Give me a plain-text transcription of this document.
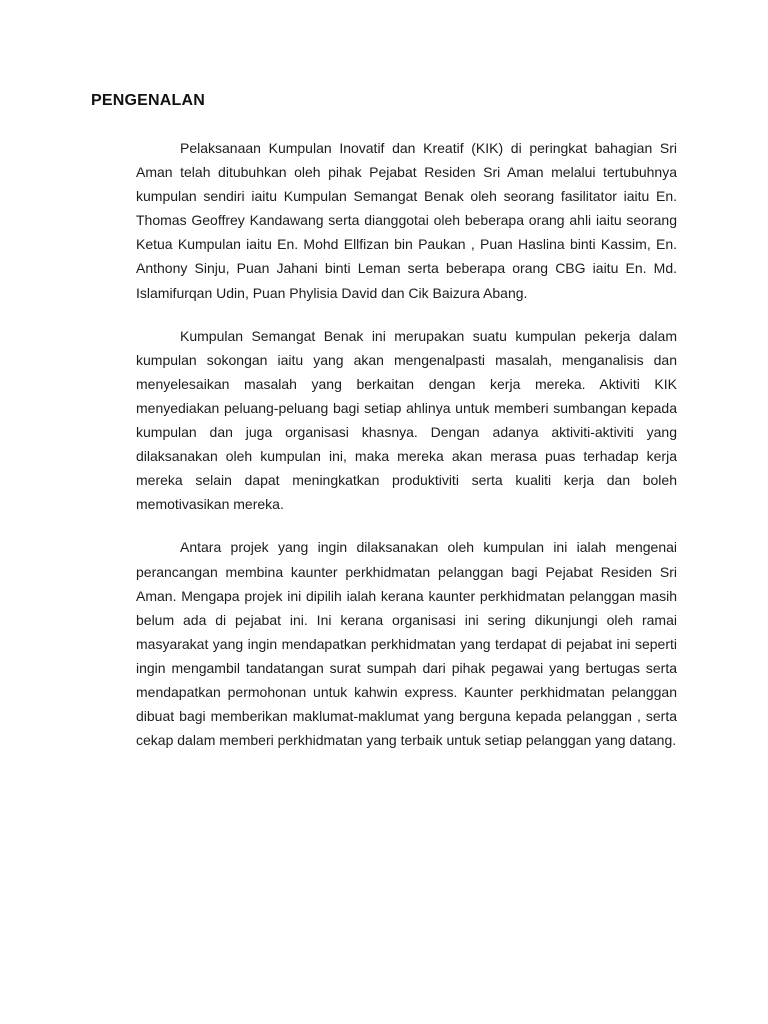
PENGENALAN

Pelaksanaan Kumpulan Inovatif dan Kreatif (KIK) di peringkat bahagian Sri Aman telah ditubuhkan oleh pihak Pejabat Residen Sri Aman melalui tertubuhnya kumpulan sendiri iaitu Kumpulan Semangat Benak oleh seorang fasilitator iaitu En. Thomas Geoffrey Kandawang serta dianggotai oleh beberapa orang ahli iaitu seorang Ketua Kumpulan iaitu En. Mohd Ellfizan bin Paukan , Puan Haslina binti Kassim, En. Anthony Sinju, Puan Jahani binti Leman serta beberapa orang CBG iaitu En. Md. Islamifurqan Udin, Puan Phylisia David dan Cik Baizura Abang.

Kumpulan Semangat Benak ini merupakan suatu kumpulan pekerja dalam kumpulan sokongan iaitu yang akan mengenalpasti masalah, menganalisis dan menyelesaikan masalah yang berkaitan dengan kerja mereka. Aktiviti KIK menyediakan peluang-peluang bagi setiap ahlinya untuk memberi sumbangan kepada kumpulan dan juga organisasi khasnya. Dengan adanya aktiviti-aktiviti yang dilaksanakan oleh kumpulan ini, maka mereka akan merasa puas terhadap kerja mereka selain dapat meningkatkan produktiviti serta kualiti kerja dan boleh memotivasikan mereka.

Antara projek yang ingin dilaksanakan oleh kumpulan ini ialah mengenai perancangan membina kaunter perkhidmatan pelanggan bagi Pejabat Residen Sri Aman. Mengapa projek ini dipilih ialah kerana kaunter perkhidmatan pelanggan masih belum ada di pejabat ini. Ini kerana organisasi ini sering dikunjungi oleh ramai masyarakat yang ingin mendapatkan perkhidmatan yang terdapat di pejabat ini seperti ingin mengambil tandatangan surat sumpah dari pihak pegawai yang bertugas serta mendapatkan permohonan untuk kahwin express. Kaunter perkhidmatan pelanggan dibuat bagi memberikan maklumat-maklumat yang berguna kepada pelanggan , serta cekap dalam memberi perkhidmatan yang terbaik untuk setiap pelanggan yang datang.
